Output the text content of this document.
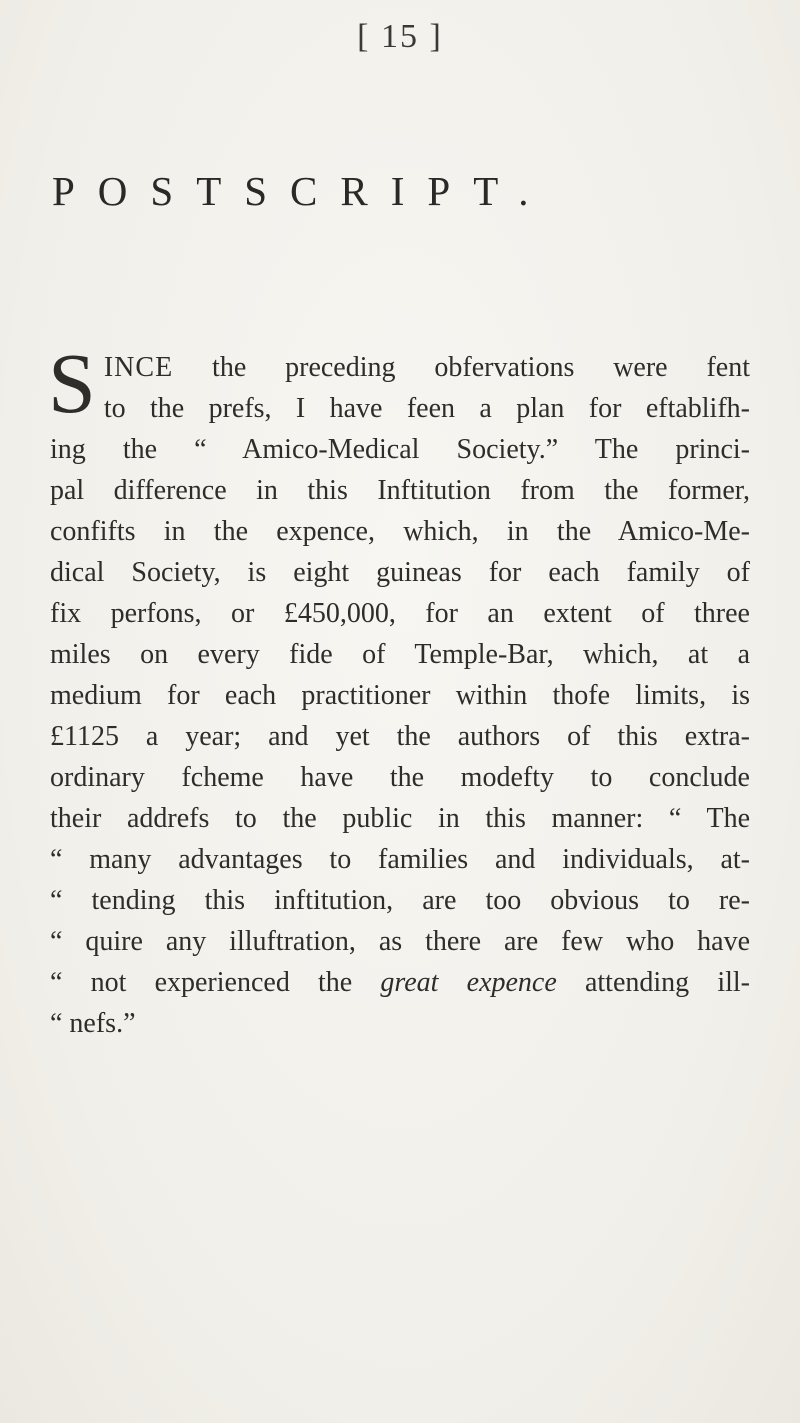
[ 15 ]
POSTSCRIPT.
S INCE the preceding obfervations were fent
to the prefs, I have feen a plan for eftablifh-
ing the “ Amico-Medical Society.” The princi-
pal difference in this Inftitution from the former,
confifts in the expence, which, in the Amico-Me-
dical Society, is eight guineas for each family of
fix perfons, or £450,000, for an extent of three
miles on every fide of Temple-Bar, which, at a
medium for each practitioner within thofe limits, is
£1125 a year; and yet the authors of this extra-
ordinary fcheme have the modefty to conclude
their addrefs to the public in this manner: “ The
“ many advantages to families and individuals, at-
“ tending this inftitution, are too obvious to re-
“ quire any illuftration, as there are few who have
“ not experienced the great expence attending ill-
“ nefs.”
